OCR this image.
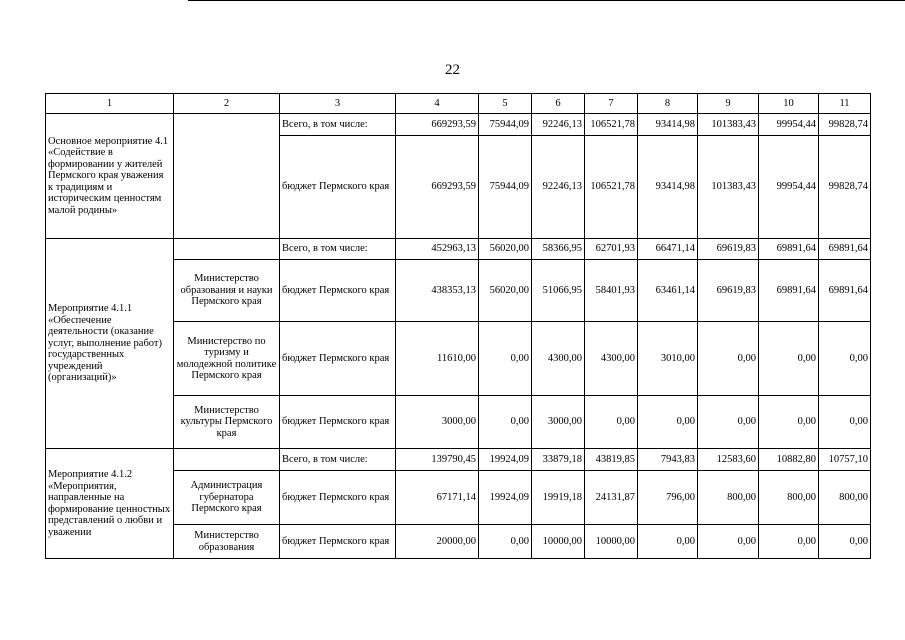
22
1	2	3	4	5	6	7	8	9	10	11
Основное мероприятие 4.1 «Содействие в формировании у жителей Пермского края уважения к традициям и историческим ценностям малой родины»		Всего, в том числе:	669293,59	75944,09	92246,13	106521,78	93414,98	101383,43	99954,44	99828,74
		бюджет Пермского края	669293,59	75944,09	92246,13	106521,78	93414,98	101383,43	99954,44	99828,74
Мероприятие 4.1.1 «Обеспечение деятельности (оказание услуг, выполнение работ) государственных учреждений (организаций)»		Всего, в том числе:	452963,13	56020,00	58366,95	62701,93	66471,14	69619,83	69891,64	69891,64
	Министерство образования и науки Пермского края	бюджет Пермского края	438353,13	56020,00	51066,95	58401,93	63461,14	69619,83	69891,64	69891,64
	Министерство по туризму и молодежной политике Пермского края	бюджет Пермского края	11610,00	0,00	4300,00	4300,00	3010,00	0,00	0,00	0,00
	Министерство культуры Пермского края	бюджет Пермского края	3000,00	0,00	3000,00	0,00	0,00	0,00	0,00	0,00
Мероприятие 4.1.2 «Мероприятия, направленные на формирование ценностных представлений о любви и уважении		Всего, в том числе:	139790,45	19924,09	33879,18	43819,85	7943,83	12583,60	10882,80	10757,10
	Администрация губернатора Пермского края	бюджет Пермского края	67171,14	19924,09	19919,18	24131,87	796,00	800,00	800,00	800,00
	Министерство образования	бюджет Пермского края	20000,00	0,00	10000,00	10000,00	0,00	0,00	0,00	0,00
